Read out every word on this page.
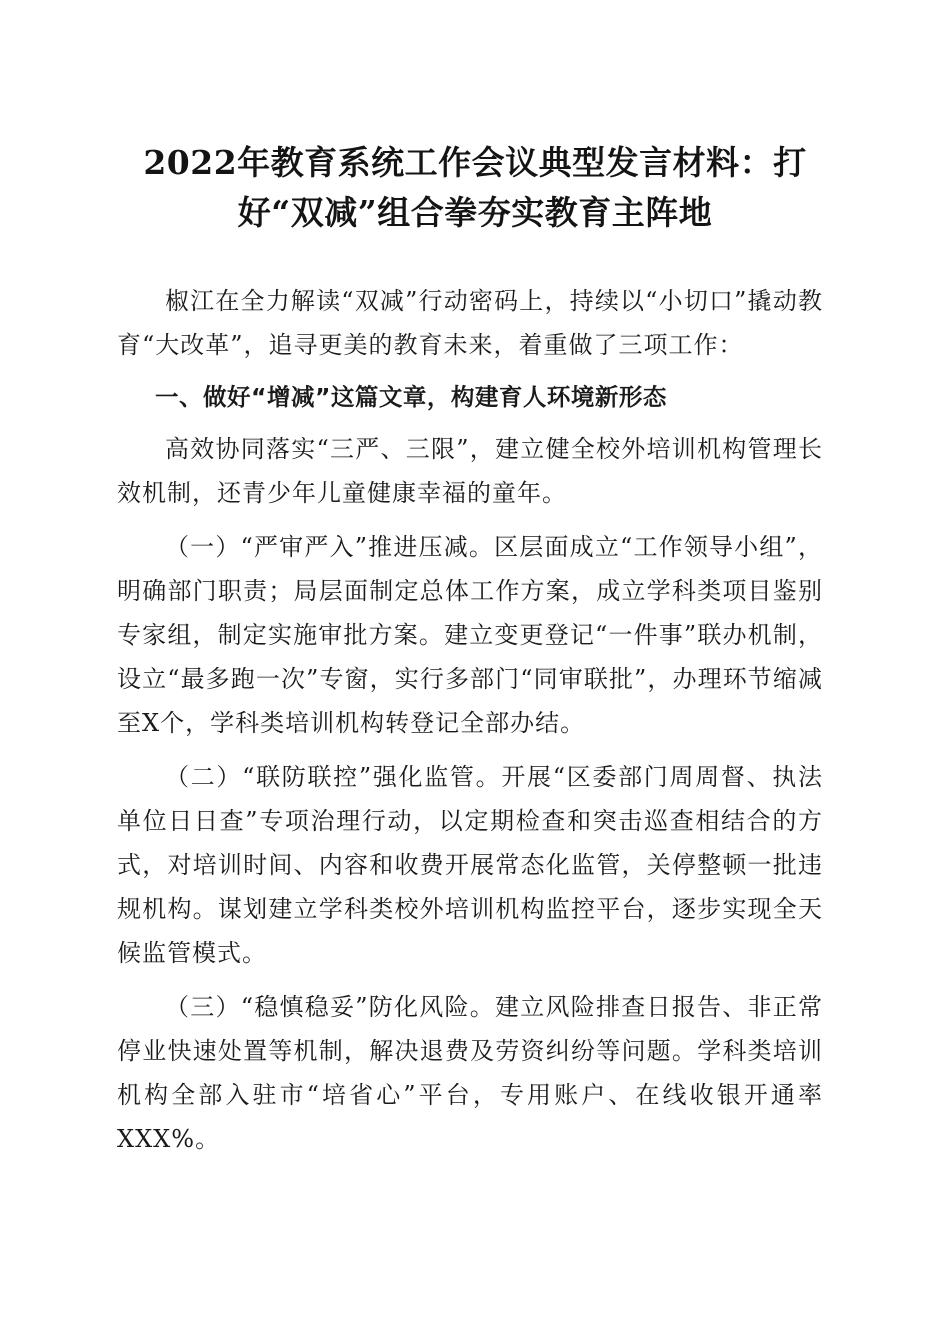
2022年教育系统工作会议典型发言材料：打
好“双减”组合拳夯实教育主阵地

椒江在全力解读“双减”行动密码上，持续以“小切口”撬动教育“大改革”，追寻更美的教育未来，着重做了三项工作：

一、做好“增减”这篇文章，构建育人环境新形态

高效协同落实“三严、三限”，建立健全校外培训机构管理长效机制，还青少年儿童健康幸福的童年。

（一）“严审严入”推进压减。区层面成立“工作领导小组”，明确部门职责；局层面制定总体工作方案，成立学科类项目鉴别专家组，制定实施审批方案。建立变更登记“一件事”联办机制，设立“最多跑一次”专窗，实行多部门“同审联批”，办理环节缩减至X个，学科类培训机构转登记全部办结。

（二）“联防联控”强化监管。开展“区委部门周周督、执法单位日日查”专项治理行动，以定期检查和突击巡查相结合的方式，对培训时间、内容和收费开展常态化监管，关停整顿一批违规机构。谋划建立学科类校外培训机构监控平台，逐步实现全天候监管模式。

（三）“稳慎稳妥”防化风险。建立风险排查日报告、非正常停业快速处置等机制，解决退费及劳资纠纷等问题。学科类培训机构全部入驻市“培省心”平台，专用账户、在线收银开通率XXX%。
